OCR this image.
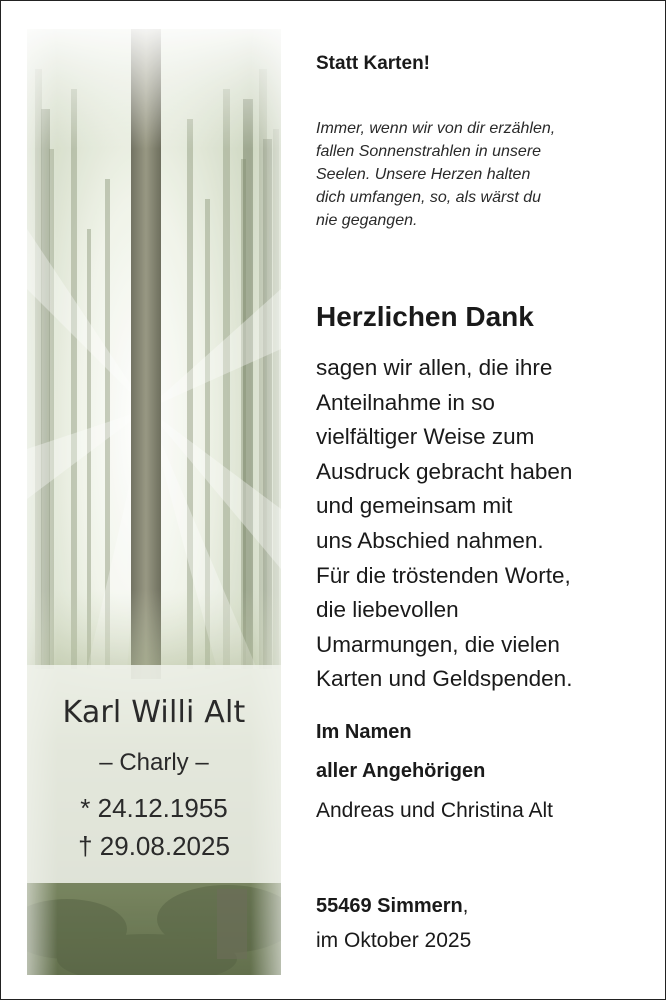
Karl Willi Alt
– Charly –
* 24.12.1955
† 29.08.2025
Statt Karten!
Immer, wenn wir von dir erzählen,
fallen Sonnenstrahlen in unsere
Seelen. Unsere Herzen halten
dich umfangen, so, als wärst du
nie gegangen.
Herzlichen Dank
sagen wir allen, die ihre
Anteilnahme in so
vielfältiger Weise zum
Ausdruck gebracht haben
und gemeinsam mit
uns Abschied nahmen.
Für die tröstenden Worte,
die liebevollen
Umarmungen, die vielen
Karten und Geldspenden.
Im Namen
aller Angehörigen
Andreas und Christina Alt
55469 Simmern,
im Oktober 2025
